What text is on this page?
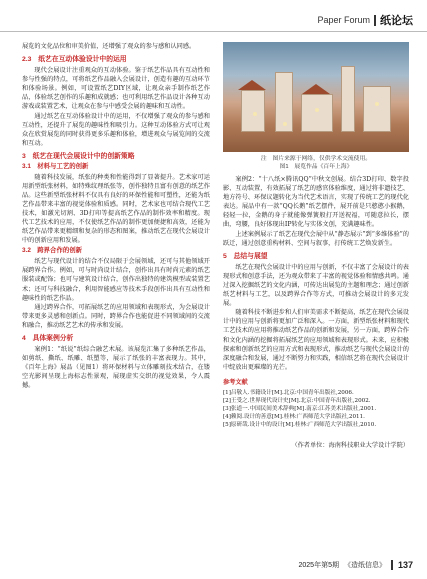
Paper Forum 纸论坛

展览的文化品位和审美价值，还增强了观众的参与感和认同感。

2.3　纸艺在互动体验设计中的运用

现代会展设计注重观众的互动体验。鉴于纸艺作品具有互动性和参与性强的特点，可将纸艺作品融入会展设计，创造有趣的互动环节和体验场景。例如，可设置纸艺DIY区域，让观众亲手制作纸艺作品，体验纸艺创作的乐趣和成就感；也可利用纸艺作品设计各种互动游戏或装置艺术，让观众在参与中感受会展的趣味和互动性。

通过纸艺在互动体验设计中的运用，不仅增强了观众的参与感和互动性，还提升了展览的趣味性和吸引力。这种互动体验方式可让观众在欣赏展览的同时获得更多乐趣和体验，增进观众与展览间的交流和互动。

3　纸艺在现代会展设计中的创新策略
3.1　材料与工艺的创新

随着科技发展，纸张的种类和性能得到了显著提升。艺术家可运用新型纸张材料，如特殊纹理纸张等，创作独特且富有创意的纸艺作品。这些新型纸张材料不仅具有良好的环保性能和可塑性，还能为纸艺作品带来丰富的视觉体验和质感。同时，艺术家也可结合现代工艺技术，如激光切割、3D打印等提高纸艺作品的制作效率和精度。现代工艺技术的应用，不仅使纸艺作品的制作更加便捷和高效，还能为纸艺作品带来更精细和复杂的形态和图案，推动纸艺在现代会展设计中的创新应用和发展。

3.2　跨界合作的创新

纸艺与现代设计的结合不仅局限于会展领域，还可与其他领域开展跨界合作。例如，可与时尚设计结合，创作出具有时尚元素的纸艺服装或配饰；也可与建筑设计结合，创作出独特的建筑模型或装置艺术；还可与科技融合，利用智能感应等技术手段创作出具有互动性和趣味性的纸艺作品。

通过跨界合作，可拓展纸艺的应用领域和表现形式，为会展设计带来更多灵感和创新点。同时，跨界合作也能促进不同领域间的交流和融合，推动纸艺艺术的传承和发展。

4　具体案例分析

案例1：“纸说”纸综合融艺术展。该展览汇集了多种纸艺作品，如剪纸、撕纸、纸雕、纸塑等，展示了纸张的丰富表现力。其中，《百年上海》展品（见图1）将环保材料与立体雕刻技术结合，在镂空光影间呈现上海标志性景观，展现虚实交织的视觉效果，令人震撼。

注　图片来源于网络，仅供学术交流使用。
图1　展览作品《百年上海》

案例2：“十八纸×腾讯QQ”中秋文创展。结合3D打印、数字投影、互动装置，有效拓展了纸艺的感官体验维度，通过将非遗技艺、地方符号、环保议题转化为当代艺术语言，实现了传统工艺的现代化表达。展品中有一款“QQ长鹅”纸艺摆件，展开前是只憨憨小猴鹅，轻轻一拉，金鹅的身子就能像弹簧般打开送祝福，可随意拉长，摆曲，弯腰，良好体现出IP转化与实体文创，充满趣味性。

上述案例展示了纸艺在现代会展中从“静态展示”到“多维体验”的跃迁，通过创意重构材料、空间与叙事，打传统工艺焕发新生。

5　总结与展望

纸艺在现代会展设计中的应用与创新，不仅丰富了会展设计的表现形式和创意手法，还为观众带来了丰富的视觉体验和情感共鸣。通过深入挖掘纸艺的文化内涵，可传达出展览的主题和理念；通过创新纸艺材料与工艺，以及跨界合作等方式，可推动会展设计的多元发展。

随着科技不断进步和人们审美需求不断提高，纸艺在现代会展设计中的应用与创新将更加广泛和深入。一方面，新型纸张材料和现代工艺技术的应用将推动纸艺作品的创新和发展，另一方面，跨界合作和文化内涵的挖掘将拓展纸艺的应用领域和表现形式。未来，应积极探索和创新纸艺的应用方式和表现形式，推动纸艺与现代会展设计的深度融合和发展，通过不断努力和实践，相信纸艺将在现代会展设计中绽放出更璀璨的光芒。

参考文献

[1]吕敬人.书籍设计[M].北京:中国青年出版社,2006.

[2]王受之.世界现代设计史[M].北京:中国青年出版社,2002.

[3]张道一.中国民间美术辞典[M].南京:江苏美术出版社,2001.

[4]赖阅.设计的善意[M].桂林:广西师范大学出版社,2011.

[5]原研哉.设计中的设计[M].桂林:广西师范大学出版社,2010.

（作者单位：海南科技职业大学设计学院）

2025年第5期 《造纸信息》 137
